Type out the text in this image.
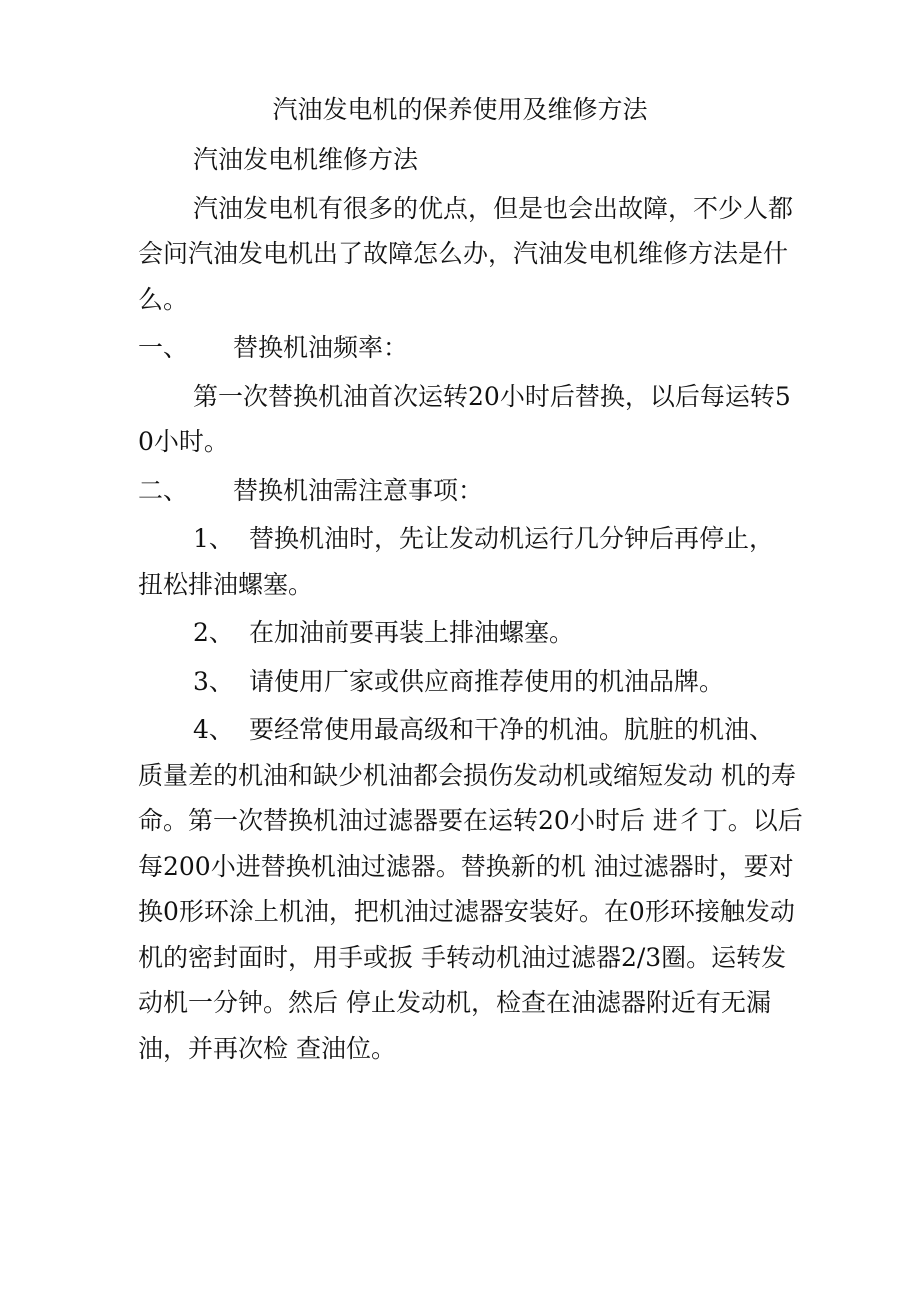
汽油发电机的保养使用及维修方法

汽油发电机维修方法

汽油发电机有很多的优点，但是也会出故障，不少人都会问汽油发电机出了故障怎么办，汽油发电机维修方法是什么。

一、 替换机油频率：

第一次替换机油首次运转20小时后替换，以后每运转50小时。

二、 替换机油需注意事项：

1、 替换机油时，先让发动机运行几分钟后再停止， 扭松排油螺塞。

2、 在加油前要再装上排油螺塞。

3、 请使用厂家或供应商推荐使用的机油品牌。

4、 要经常使用最高级和干净的机油。肮脏的机油、 质量差的机油和缺少机油都会损伤发动机或缩短发动 机的寿命。第一次替换机油过滤器要在运转20小时后 进彳丁。以后每200小进替换机油过滤器。替换新的机 油过滤器时，要对换0形环涂上机油，把机油过滤器安装好。在0形环接触发动机的密封面时，用手或扳 手转动机油过滤器2/3圈。运转发动机一分钟。然后 停止发动机，检查在油滤器附近有无漏油，并再次检 查油位。
